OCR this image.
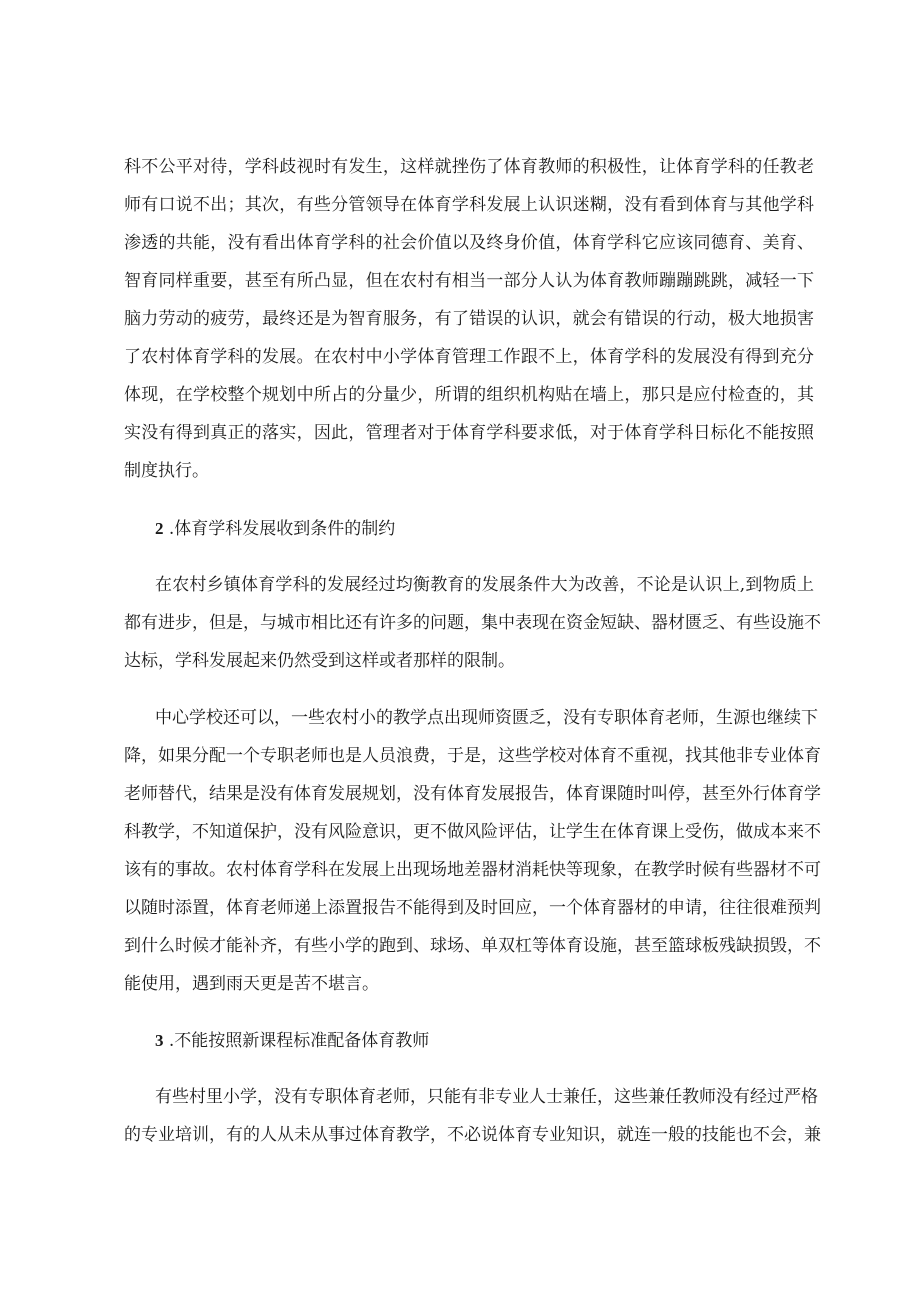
科不公平对待，学科歧视时有发生，这样就挫伤了体育教师的积极性，让体育学科的任教老
师有口说不出；其次，有些分管领导在体育学科发展上认识迷糊，没有看到体育与其他学科
渗透的共能，没有看出体育学科的社会价值以及终身价值，体育学科它应该同德育、美育、
智育同样重要，甚至有所凸显，但在农村有相当一部分人认为体育教师蹦蹦跳跳，减轻一下
脑力劳动的疲劳，最终还是为智育服务，有了错误的认识，就会有错误的行动，极大地损害
了农村体育学科的发展。在农村中小学体育管理工作跟不上，体育学科的发展没有得到充分
体现，在学校整个规划中所占的分量少，所谓的组织机构贴在墙上，那只是应付检查的，其
实没有得到真正的落实，因此，管理者对于体育学科要求低，对于体育学科日标化不能按照
制度执行。
2 .体育学科发展收到条件的制约
在农村乡镇体育学科的发展经过均衡教育的发展条件大为改善，不论是认识上,到物质上
都有进步，但是，与城市相比还有许多的问题，集中表现在资金短缺、器材匮乏、有些设施不
达标，学科发展起来仍然受到这样或者那样的限制。
中心学校还可以，一些农村小的教学点出现师资匮乏，没有专职体育老师，生源也继续下
降，如果分配一个专职老师也是人员浪费，于是，这些学校对体育不重视，找其他非专业体育
老师替代，结果是没有体育发展规划，没有体育发展报告，体育课随时叫停，甚至外行体育学
科教学，不知道保护，没有风险意识，更不做风险评估，让学生在体育课上受伤，做成本来不
该有的事故。农村体育学科在发展上出现场地差器材消耗快等现象，在教学时候有些器材不可
以随时添置，体育老师递上添置报告不能得到及时回应，一个体育器材的申请，往往很难预判
到什么时候才能补齐，有些小学的跑到、球场、单双杠等体育设施，甚至篮球板残缺损毁，不
能使用，遇到雨天更是苦不堪言。
3 .不能按照新课程标准配备体育教师
有些村里小学，没有专职体育老师，只能有非专业人士兼任，这些兼任教师没有经过严格
的专业培训，有的人从未从事过体育教学，不必说体育专业知识，就连一般的技能也不会，兼
